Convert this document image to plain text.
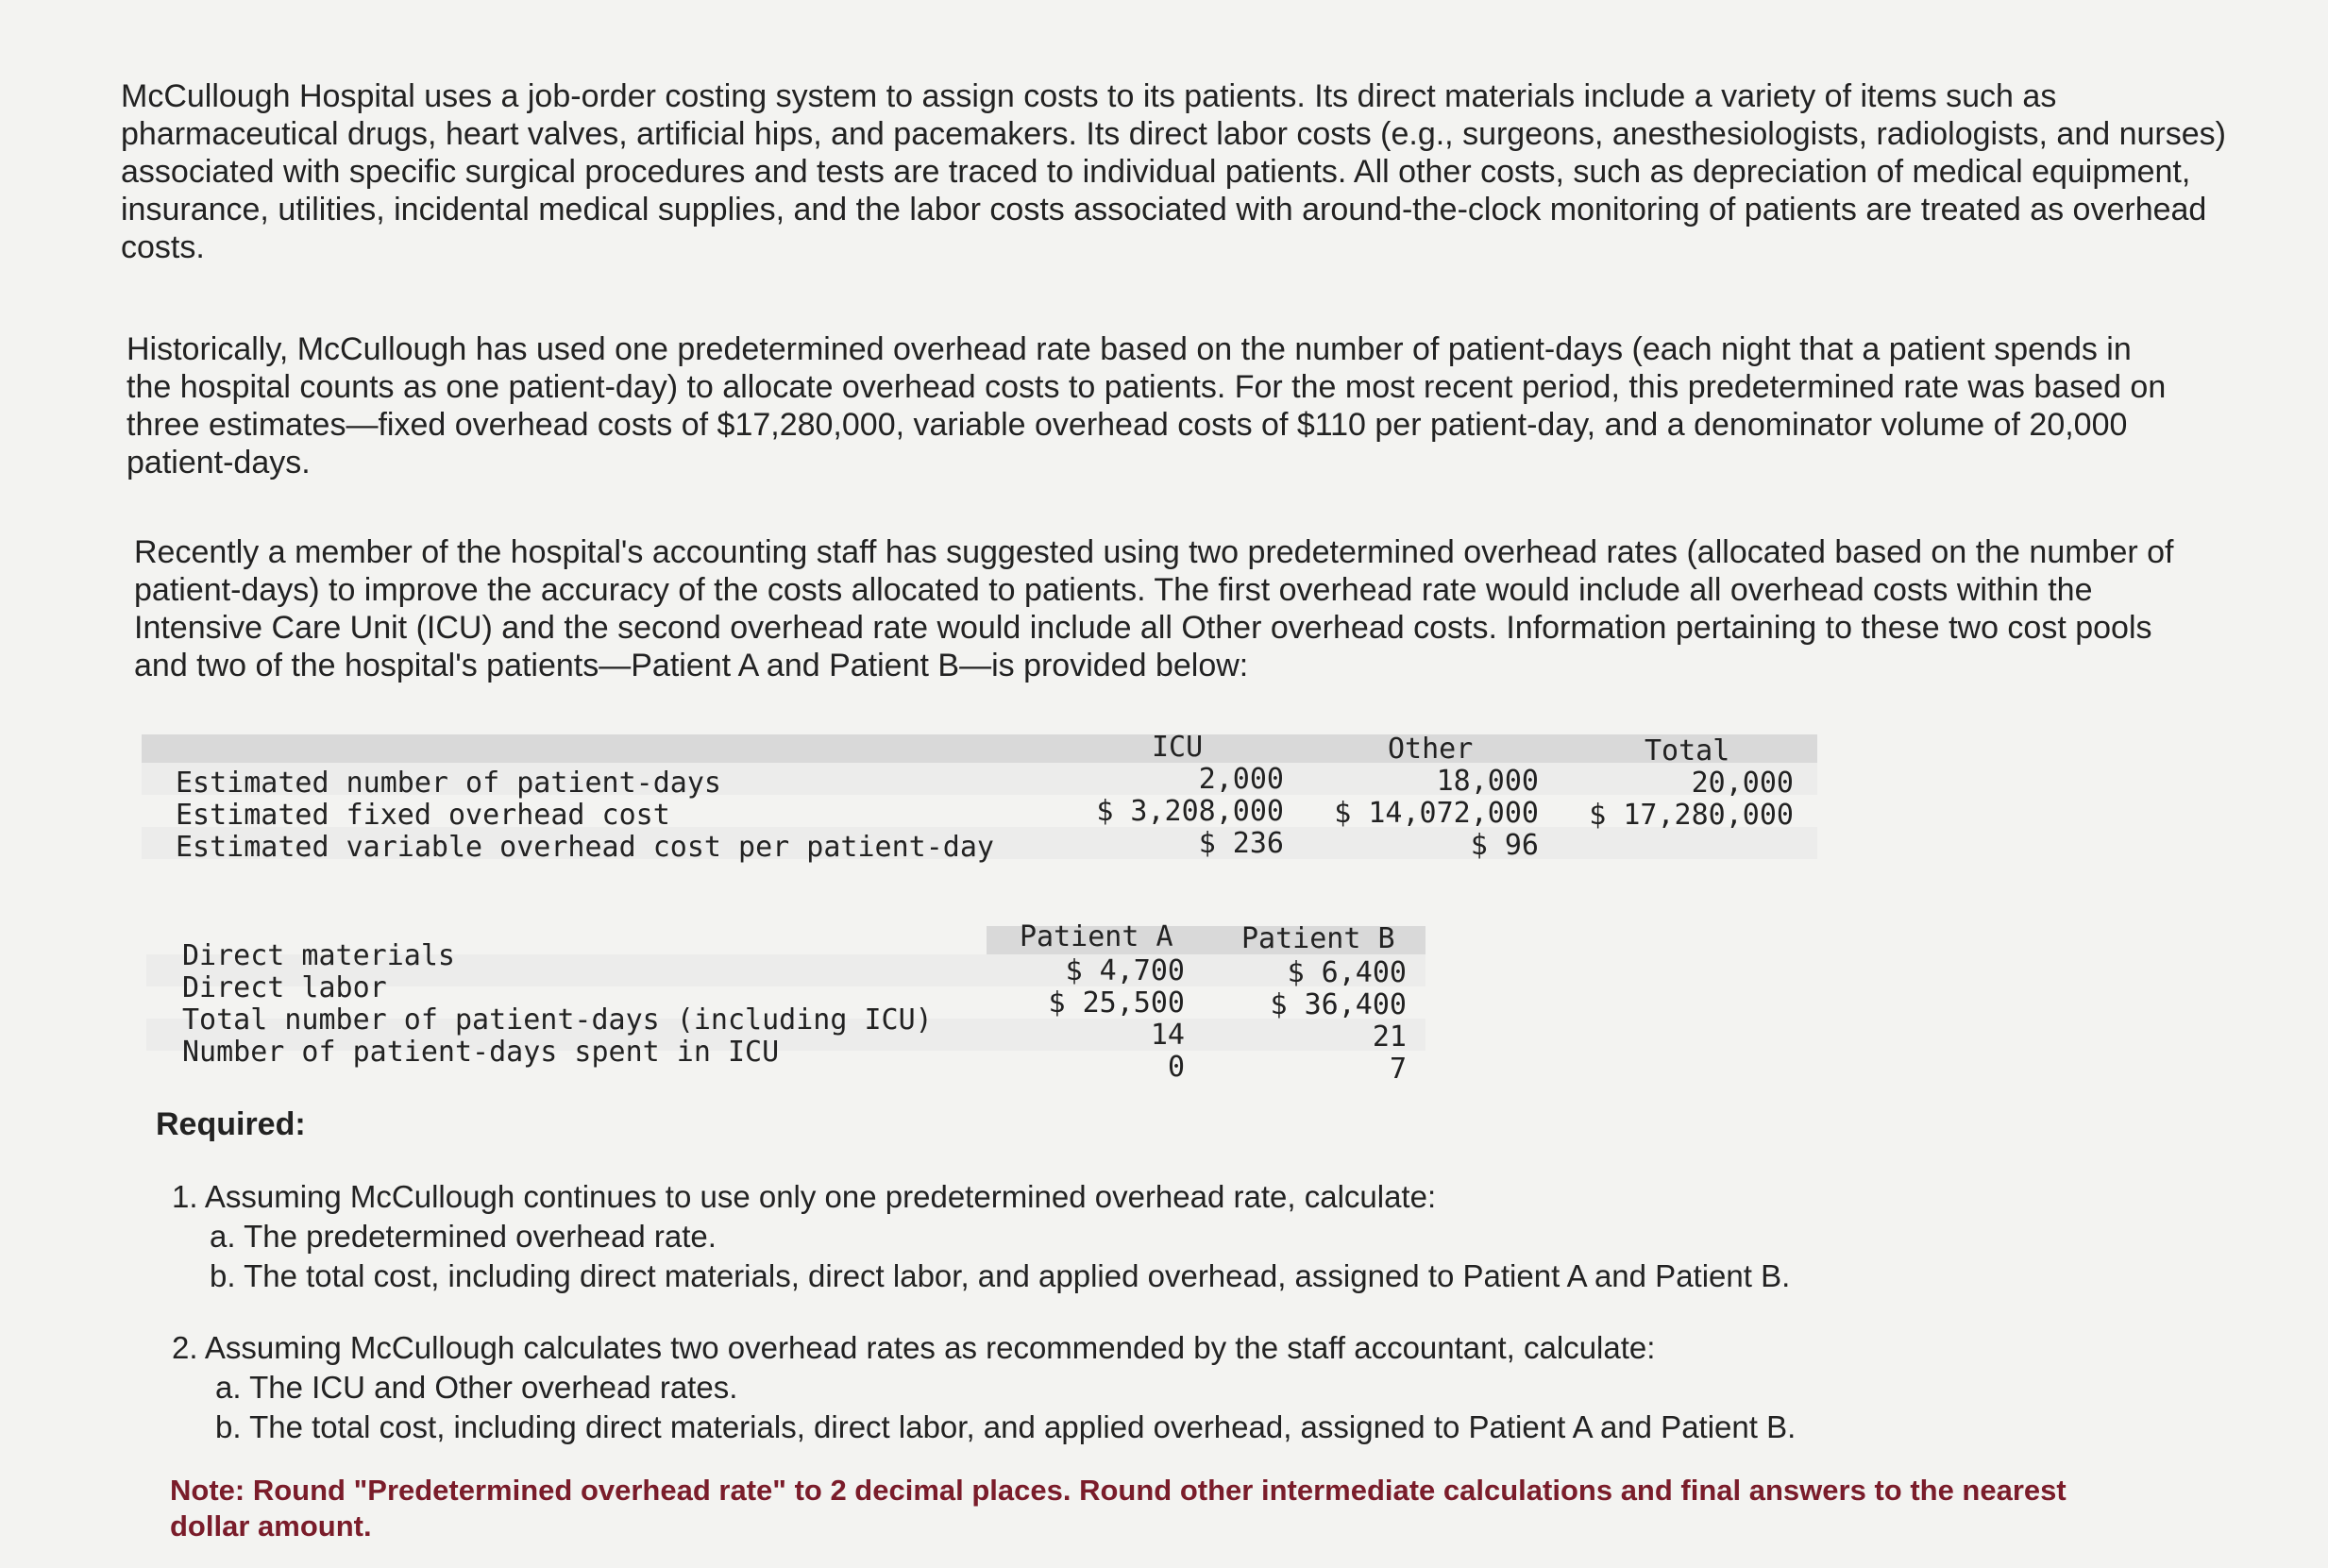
McCullough Hospital uses a job-order costing system to assign costs to its patients. Its direct materials include a variety of items such as pharmaceutical drugs, heart valves, artificial hips, and pacemakers. Its direct labor costs (e.g., surgeons, anesthesiologists, radiologists, and nurses) associated with specific surgical procedures and tests are traced to individual patients. All other costs, such as depreciation of medical equipment, insurance, utilities, incidental medical supplies, and the labor costs associated with around-the-clock monitoring of patients are treated as overhead costs.

Historically, McCullough has used one predetermined overhead rate based on the number of patient-days (each night that a patient spends in the hospital counts as one patient-day) to allocate overhead costs to patients. For the most recent period, this predetermined rate was based on three estimates—fixed overhead costs of $17,280,000, variable overhead costs of $110 per patient-day, and a denominator volume of 20,000 patient-days.

Recently a member of the hospital's accounting staff has suggested using two predetermined overhead rates (allocated based on the number of patient-days) to improve the accuracy of the costs allocated to patients. The first overhead rate would include all overhead costs within the Intensive Care Unit (ICU) and the second overhead rate would include all Other overhead costs. Information pertaining to these two cost pools and two of the hospital's patients—Patient A and Patient B—is provided below:

ICU	Other	Total
Estimated number of patient-days
Estimated fixed overhead cost
Estimated variable overhead cost per patient-day
2,000
$ 3,208,000
$ 236
18,000
$ 14,072,000
$ 96
20,000
$ 17,280,000
Patient A Patient B
Direct materials
Direct labor
Total number of patient-days (including ICU)
Number of patient-days spent in ICU
$ 4,700
$ 25,500
14
0
$ 6,400
$ 36,400
21
7
Required:
1. Assuming McCullough continues to use only one predetermined overhead rate, calculate:
a. The predetermined overhead rate.
b. The total cost, including direct materials, direct labor, and applied overhead, assigned to Patient A and Patient B.
2. Assuming McCullough calculates two overhead rates as recommended by the staff accountant, calculate:
a. The ICU and Other overhead rates.
b. The total cost, including direct materials, direct labor, and applied overhead, assigned to Patient A and Patient B.
Note: Round "Predetermined overhead rate" to 2 decimal places. Round other intermediate calculations and final answers to the nearest dollar amount.
